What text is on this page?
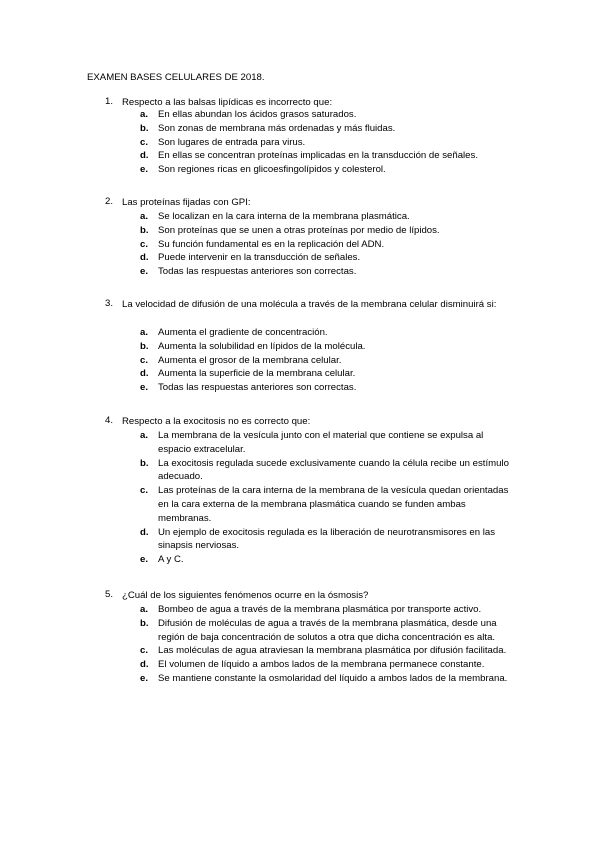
EXAMEN BASES CELULARES DE 2018.
1. Respecto a las balsas lipídicas es incorrecto que:
a. En ellas abundan los ácidos grasos saturados.
b. Son zonas de membrana más ordenadas y más fluidas.
c. Son lugares de entrada para virus.
d. En ellas se concentran proteínas implicadas en la transducción de señales.
e. Son regiones ricas en glicoesfingolípidos y colesterol.
2. Las proteínas fijadas con GPI:
a. Se localizan en la cara interna de la membrana plasmática.
b. Son proteínas que se unen a otras proteínas por medio de lípidos.
c. Su función fundamental es en la replicación del ADN.
d. Puede intervenir en la transducción de señales.
e. Todas las respuestas anteriores son correctas.
3. La velocidad de difusión de una molécula a través de la membrana celular disminuirá si:
a. Aumenta el gradiente de concentración.
b. Aumenta la solubilidad en lípidos de la molécula.
c. Aumenta el grosor de la membrana celular.
d. Aumenta la superficie de la membrana celular.
e. Todas las respuestas anteriores son correctas.
4. Respecto a la exocitosis no es correcto que:
a. La membrana de la vesícula junto con el material que contiene se expulsa al espacio extracelular.
b. La exocitosis regulada sucede exclusivamente cuando la célula recibe un estímulo adecuado.
c. Las proteínas de la cara interna de la membrana de la vesícula quedan orientadas en la cara externa de la membrana plasmática cuando se funden ambas membranas.
d. Un ejemplo de exocitosis regulada es la liberación de neurotransmisores en las sinapsis nerviosas.
e. A y C.
5. ¿Cuál de los siguientes fenómenos ocurre en la ósmosis?
a. Bombeo de agua a través de la membrana plasmática por transporte activo.
b. Difusión de moléculas de agua a través de la membrana plasmática, desde una región de baja concentración de solutos a otra que dicha concentración es alta.
c. Las moléculas de agua atraviesan la membrana plasmática por difusión facilitada.
d. El volumen de líquido a ambos lados de la membrana permanece constante.
e. Se mantiene constante la osmolaridad del líquido a ambos lados de la membrana.
